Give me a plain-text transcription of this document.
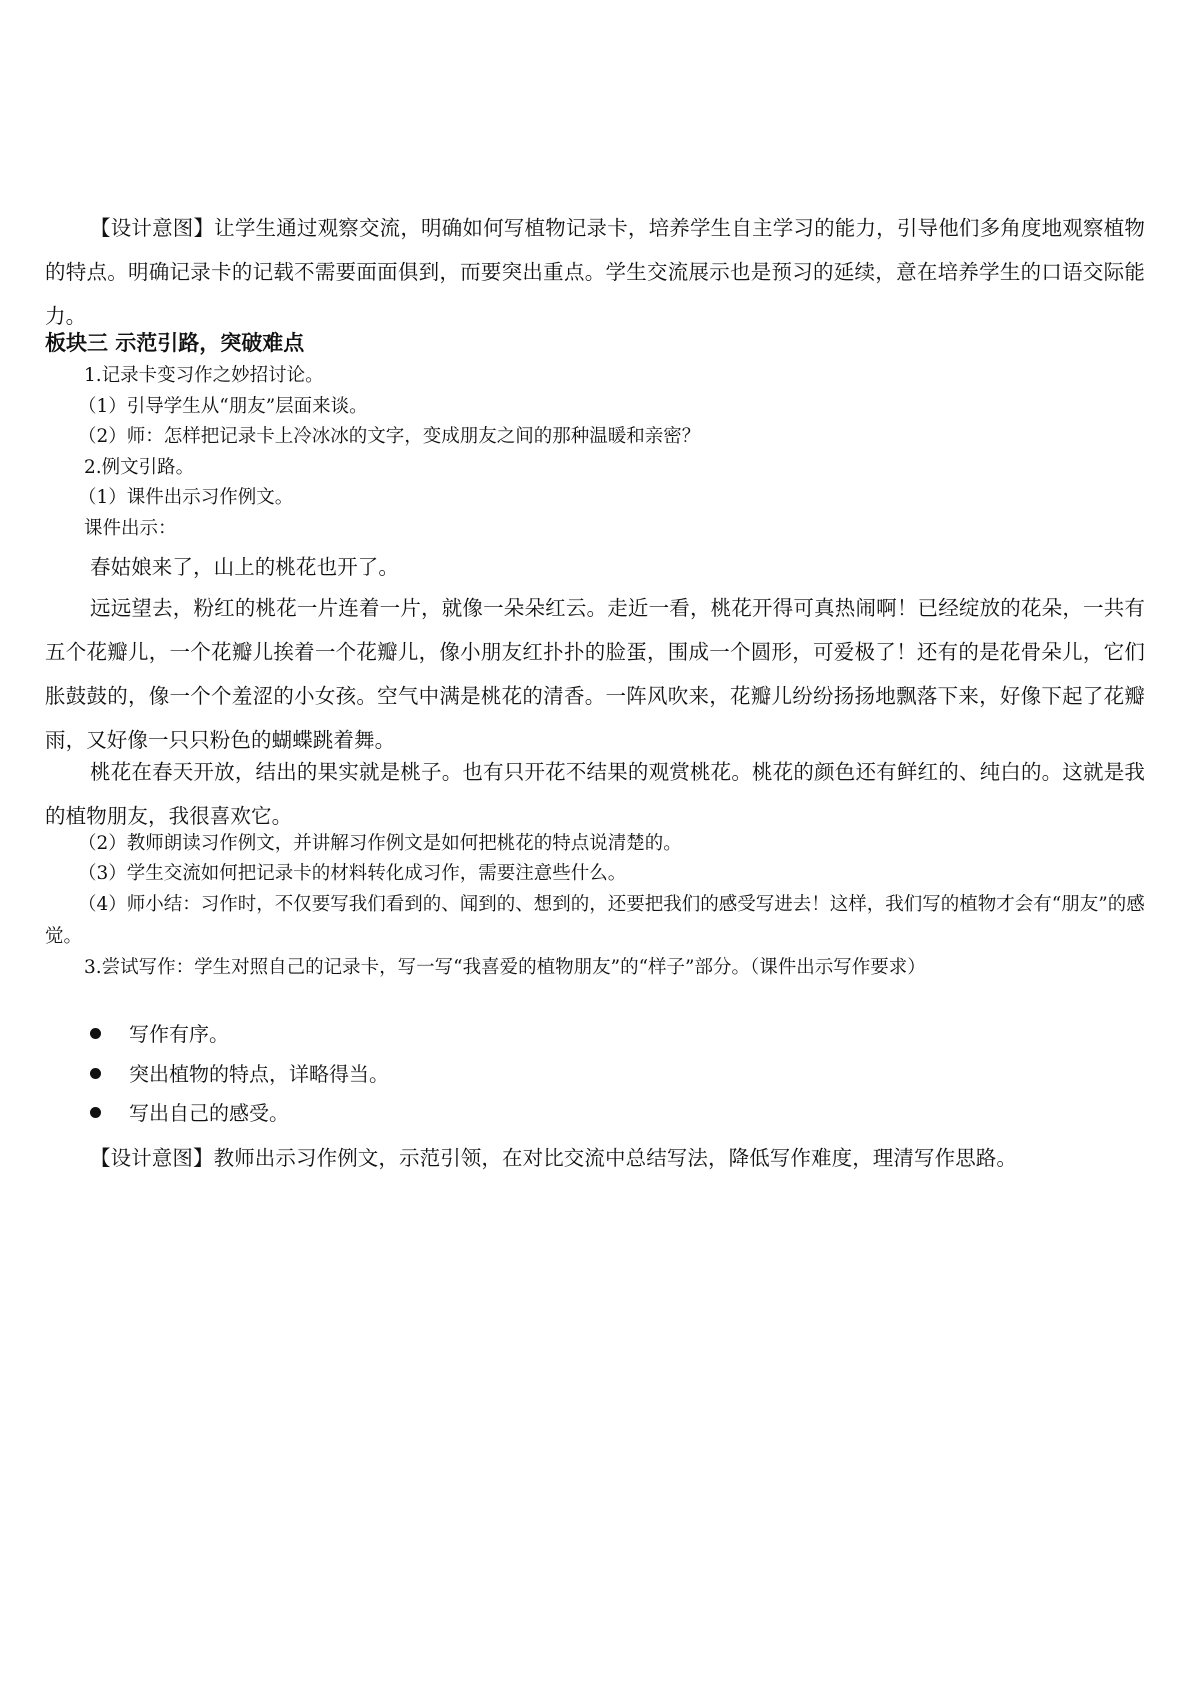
【设计意图】让学生通过观察交流，明确如何写植物记录卡，培养学生自主学习的能力，引导他们多角度地观察植物的特点。明确记录卡的记载不需要面面俱到，而要突出重点。学生交流展示也是预习的延续，意在培养学生的口语交际能力。

板块三 示范引路，突破难点

1.记录卡变习作之妙招讨论。

（1）引导学生从“朋友”层面来谈。

（2）师：怎样把记录卡上冷冰冰的文字，变成朋友之间的那种温暖和亲密？

2.例文引路。

（1）课件出示习作例文。

课件出示：

春姑娘来了，山上的桃花也开了。

远远望去，粉红的桃花一片连着一片，就像一朵朵红云。走近一看，桃花开得可真热闹啊！已经绽放的花朵，一共有五个花瓣儿，一个花瓣儿挨着一个花瓣儿，像小朋友红扑扑的脸蛋，围成一个圆形，可爱极了！还有的是花骨朵儿，它们胀鼓鼓的，像一个个羞涩的小女孩。空气中满是桃花的清香。一阵风吹来，花瓣儿纷纷扬扬地飘落下来，好像下起了花瓣雨，又好像一只只粉色的蝴蝶跳着舞。

桃花在春天开放，结出的果实就是桃子。也有只开花不结果的观赏桃花。桃花的颜色还有鲜红的、纯白的。这就是我的植物朋友，我很喜欢它。

（2）教师朗读习作例文，并讲解习作例文是如何把桃花的特点说清楚的。

（3）学生交流如何把记录卡的材料转化成习作，需要注意些什么。

（4）师小结：习作时，不仅要写我们看到的、闻到的、想到的，还要把我们的感受写进去！这样，我们写的植物才会有“朋友”的感觉。

3.尝试写作：学生对照自己的记录卡，写一写“我喜爱的植物朋友”的“样子”部分。（课件出示写作要求）

写作有序。
突出植物的特点，详略得当。
写出自己的感受。

【设计意图】教师出示习作例文，示范引领，在对比交流中总结写法，降低写作难度，理清写作思路。
